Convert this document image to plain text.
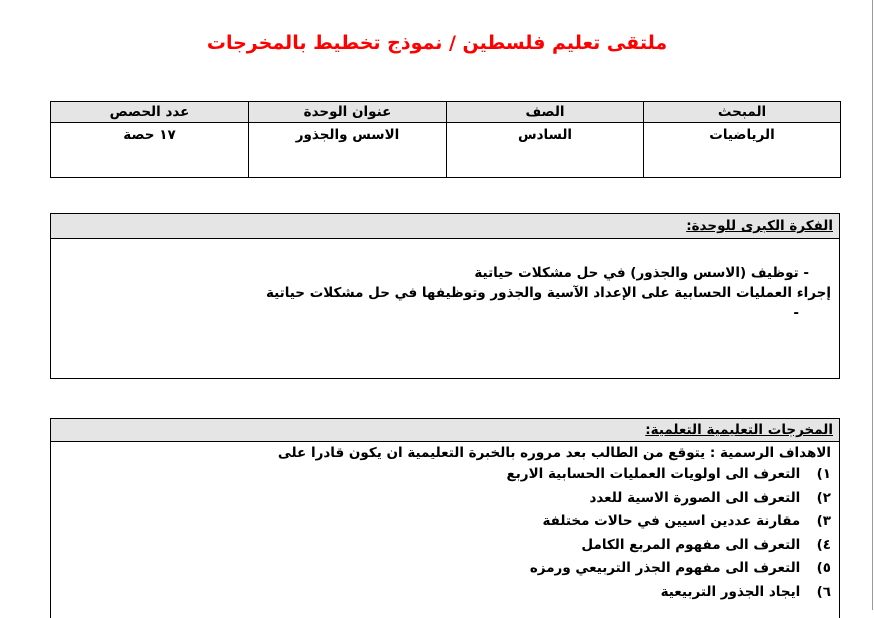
ملتقى تعليم فلسطين / نموذج تخطيط بالمخرجات
المبحث	الصف	عنوان الوحدة	عدد الحصص
الرياضيات	السادس	الاسس والجذور	١٧ حصة
الفكرة الكبرى للوحدة:
- توظيف (الاسس والجذور) في حل مشكلات حياتية
إجراء العمليات الحسابية على الإعداد الآسية والجذور وتوظيفها في حل مشكلات حياتية
-
المخرجات التعليمية التعلمية:
الاهداف الرسمية : يتوقع من الطالب بعد مروره بالخبرة التعليمية ان يكون قادرا على
١) التعرف الى اولويات العمليات الحسابية الاربع
٢) التعرف الى الصورة الاسية للعدد
٣) مقارنة عددين اسيين في حالات مختلفة
٤) التعرف الى مفهوم المربع الكامل
٥) التعرف الى مفهوم الجذر التربيعي ورمزه
٦) ايجاد الجذور التربيعية
